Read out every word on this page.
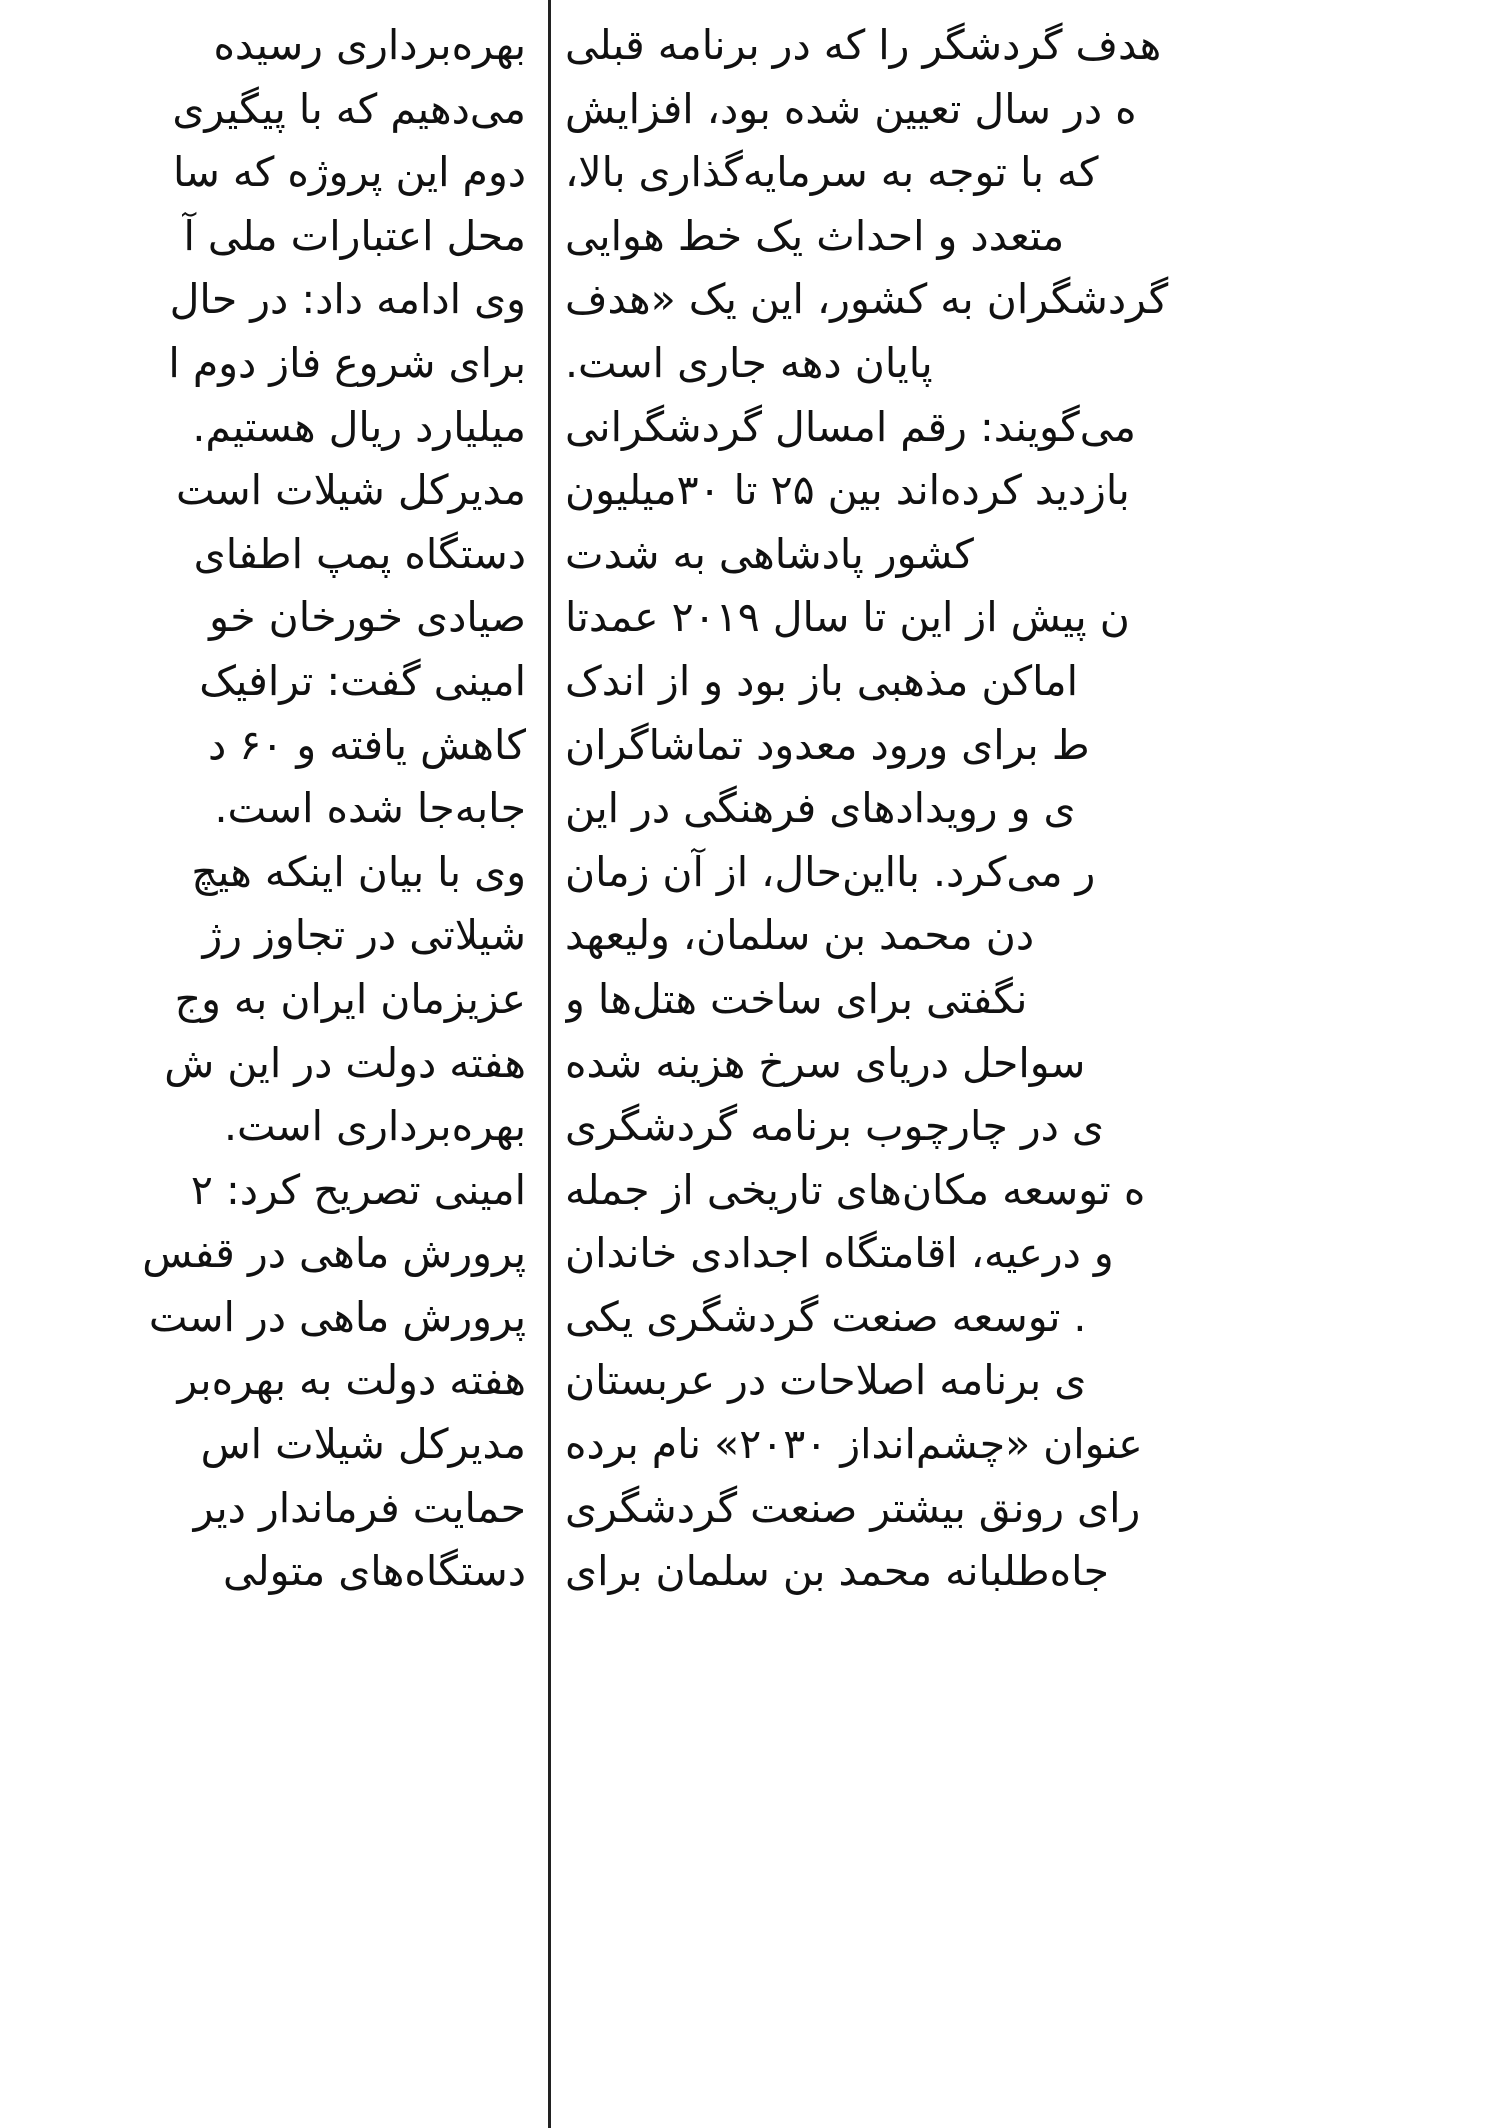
بهره‌برداری رسیده
می‌دهیم که با پیگیری
دوم این پروژه که سا
محل اعتبارات ملی آ
وی ادامه داد: در حال
برای شروع فاز دوم ا
میلیارد ریال هستیم.
مدیرکل شیلات است
دستگاه پمپ اطفای
صیادی خورخان خو
امینی گفت: ترافیک
کاهش یافته و ۶۰ د
جابه‌جا شده است.
وی با بیان اینکه هیچ
شیلاتی در تجاوز رژ
عزیزمان ایران به وج
هفته دولت در این ش
بهره‌برداری است.
امینی تصریح کرد: ۲
پرورش ماهی در قفس
پرورش ماهی در است
هفته دولت به بهره‌بر
مدیرکل شیلات اس
حمایت فرماندار دیر
دستگاه‌های متولی
هدف گردشگر را که در برنامه قبلی
ه در سال تعیین شده بود، افزایش
که با توجه به سرمایه‌گذاری بالا،
متعدد و احداث یک خط هوایی
گردشگران به کشور، این یک «هدف
پایان دهه جاری است.
می‌گویند: رقم امسال گردشگرانی
بازدید کرده‌اند بین ۲۵ تا ۳۰میلیون
کشور پادشاهی به شدت
ن پیش از این تا سال ۲۰۱۹ عمدتا
اماکن مذهبی باز بود و از اندک
ط برای ورود معدود تماشاگران
ی و رویدادهای فرهنگی در این
ر می‌کرد. بااین‌حال، از آن زمان
دن محمد بن سلمان، ولیعهد
نگفتی برای ساخت هتل‌ها و
سواحل دریای سرخ هزینه شده
ی در چارچوب برنامه گردشگری
ه توسعه مکان‌های تاریخی از جمله
و درعیه، اقامتگاه اجدادی خاندان
. توسعه صنعت گردشگری یکی
ی برنامه اصلاحات در عربستان
عنوان «چشم‌انداز ۲۰۳۰» نام برده
رای رونق بیشتر صنعت گردشگری
جاه‌طلبانه محمد بن سلمان برای
